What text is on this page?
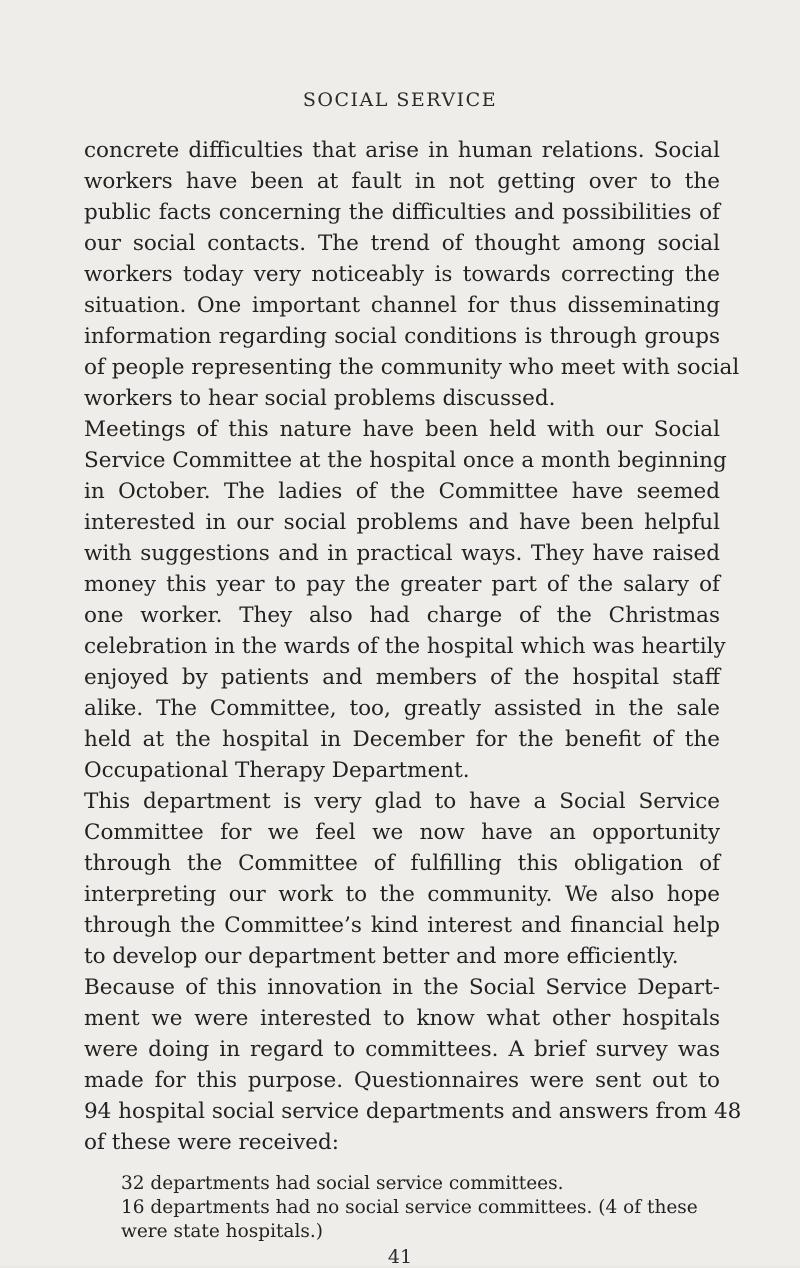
SOCIAL SERVICE
concrete difficulties that arise in human relations. Social
workers have been at fault in not getting over to the
public facts concerning the difficulties and possibilities of
our social contacts. The trend of thought among social
workers today very noticeably is towards correcting the
situation. One important channel for thus disseminating
information regarding social conditions is through groups
of people representing the community who meet with social
workers to hear social problems discussed.
Meetings of this nature have been held with our Social
Service Committee at the hospital once a month beginning
in October. The ladies of the Committee have seemed
interested in our social problems and have been helpful
with suggestions and in practical ways. They have raised
money this year to pay the greater part of the salary of
one worker. They also had charge of the Christmas
celebration in the wards of the hospital which was heartily
enjoyed by patients and members of the hospital staff
alike. The Committee, too, greatly assisted in the sale
held at the hospital in December for the benefit of the
Occupational Therapy Department.
This department is very glad to have a Social Service
Committee for we feel we now have an opportunity
through the Committee of fulfilling this obligation of
interpreting our work to the community. We also hope
through the Committee’s kind interest and financial help
to develop our department better and more efficiently.
Because of this innovation in the Social Service Depart-
ment we were interested to know what other hospitals
were doing in regard to committees. A brief survey was
made for this purpose. Questionnaires were sent out to
94 hospital social service departments and answers from 48
of these were received:
32 departments had social service committees.
16 departments had no social service committees. (4 of these
were state hospitals.)
41
